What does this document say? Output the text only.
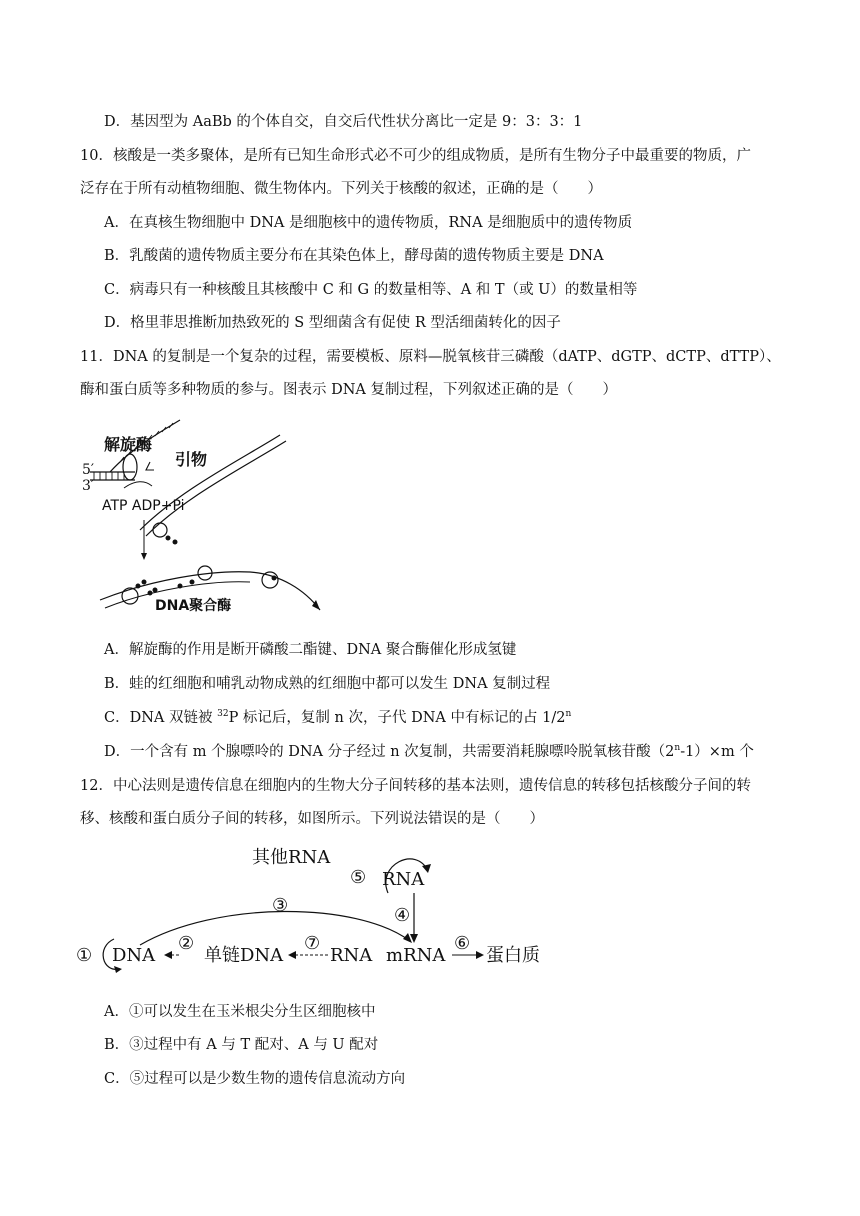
D．基因型为 AaBb 的个体自交，自交后代性状分离比一定是 9：3：3：1
10．核酸是一类多聚体，是所有已知生命形式必不可少的组成物质，是所有生物分子中最重要的物质，广
泛存在于所有动植物细胞、微生物体内。下列关于核酸的叙述，正确的是（　　）
A．在真核生物细胞中 DNA 是细胞核中的遗传物质，RNA 是细胞质中的遗传物质
B．乳酸菌的遗传物质主要分布在其染色体上，酵母菌的遗传物质主要是 DNA
C．病毒只有一种核酸且其核酸中 C 和 G 的数量相等、A 和 T（或 U）的数量相等
D．格里菲思推断加热致死的 S 型细菌含有促使 R 型活细菌转化的因子
11．DNA 的复制是一个复杂的过程，需要模板、原料—脱氧核苷三磷酸（dATP、dGTP、dCTP、dTTP）、
酶和蛋白质等多种物质的参与。图表示 DNA 复制过程，下列叙述正确的是（　　）
解旋酶
引物
5′
3′
ATP ADP+Pi
DNA聚合酶
A．解旋酶的作用是断开磷酸二酯键、DNA 聚合酶催化形成氢键
B．蛙的红细胞和哺乳动物成熟的红细胞中都可以发生 DNA 复制过程
C．DNA 双链被 $^{32}$P 标记后，复制 n 次，子代 DNA 中有标记的占 1/2$^n$
D．一个含有 m 个腺嘌呤的 DNA 分子经过 n 次复制，共需要消耗腺嘌呤脱氧核苷酸$(2^n-1)\times m$ 个
12．中心法则是遗传信息在细胞内的生物大分子间转移的基本法则，遗传信息的转移包括核酸分子间的转
移、核酸和蛋白质分子间的转移，如图所示。下列说法错误的是（　　）
其他RNA
⑤ RNA
④
③
① DNA
②
单链DNA
⑦
RNA mRNA
⑥
蛋白质
A．①可以发生在玉米根尖分生区细胞核中
B．③过程中有 A 与 T 配对、A 与 U 配对
C．⑤过程可以是少数生物的遗传信息流动方向
